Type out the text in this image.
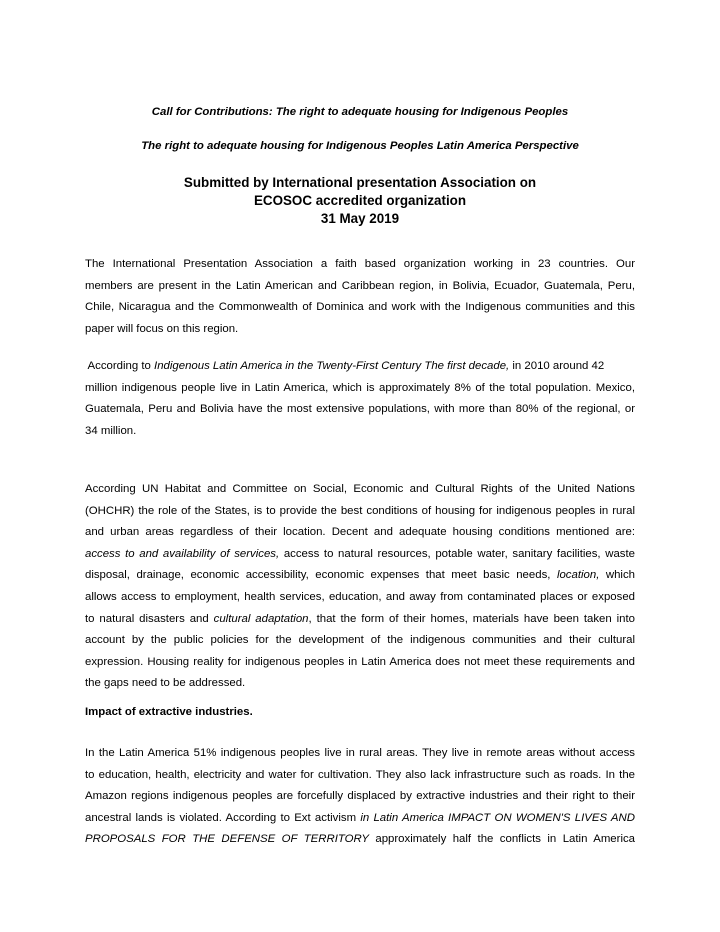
Call for Contributions: The right to adequate housing for Indigenous Peoples
The right to adequate housing for Indigenous Peoples Latin America Perspective
Submitted by International presentation Association on
ECOSOC accredited organization
31 May 2019
The International Presentation Association a faith based organization working in 23 countries. Our
members are present in the Latin American and Caribbean region, in Bolivia, Ecuador, Guatemala, Peru,
Chile, Nicaragua and the Commonwealth of Dominica and work with the Indigenous communities and this
paper will focus on this region.
According to Indigenous Latin America in the Twenty-First Century The first decade, in 2010 around 42
million indigenous people live in Latin America, which is approximately 8% of the total population. Mexico,
Guatemala, Peru and Bolivia have the most extensive populations, with more than 80% of the regional, or
34 million.
According UN Habitat and Committee on Social, Economic and Cultural Rights of the United Nations
(OHCHR) the role of the States, is to provide the best conditions of housing for indigenous peoples in rural
and urban areas regardless of their location. Decent and adequate housing conditions mentioned are:
access to and availability of services, access to natural resources, potable water, sanitary facilities, waste
disposal, drainage, economic accessibility, economic expenses that meet basic needs, location, which
allows access to employment, health services, education, and away from contaminated places or exposed
to natural disasters and cultural adaptation, that the form of their homes, materials have been taken into
account by the public policies for the development of the indigenous communities and their cultural
expression. Housing reality for indigenous peoples in Latin America does not meet these requirements and
the gaps need to be addressed.
Impact of extractive industries.
In the Latin America 51% indigenous peoples live in rural areas. They live in remote areas without access
to education, health, electricity and water for cultivation. They also lack infrastructure such as roads. In the
Amazon regions indigenous peoples are forcefully displaced by extractive industries and their right to their
ancestral lands is violated. According to Ext activism in Latin America IMPACT ON WOMEN'S LIVES AND
PROPOSALS FOR THE DEFENSE OF TERRITORY approximately half the conflicts in Latin America
